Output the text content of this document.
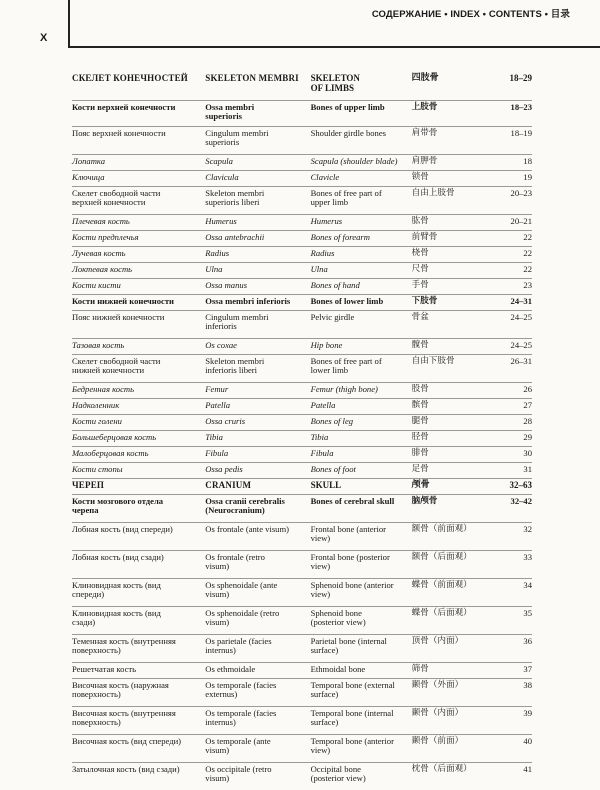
СОДЕРЖАНИЕ • INDEX • CONTENTS • 目录
X
СКЕЛЕТ КОНЕЧНОСТЕЙ	SKELETON MEMBRI	SKELETON
OF LIMBS	四肢骨	18–29
Кости верхней конечности	Ossa membri
superioris	Bones of upper limb	上肢骨	18–23
Пояс верхней конечности	Cingulum membri
superioris	Shoulder girdle bones	肩带骨	18–19
Лопатка	Scapula	Scapula (shoulder blade)	肩胛骨	18
Ключица	Clavicula	Clavicle	锁骨	19
Скелет свободной части
верхней конечности	Skeleton membri
superioris liberi	Bones of free part of
upper limb	自由上肢骨	20–23
Плечевая кость	Humerus	Humerus	肱骨	20–21
Кости предплечья	Ossa antebrachii	Bones of forearm	前臂骨	22
Лучевая кость	Radius	Radius	桡骨	22
Локтевая кость	Ulna	Ulna	尺骨	22
Кости кисти	Ossa manus	Bones of hand	手骨	23
Кости нижней конечности	Ossa membri inferioris	Bones of lower limb	下肢骨	24–31
Пояс нижней конечности	Cingulum membri
inferioris	Pelvic girdle	骨盆	24–25
Тазовая кость	Os coxae	Hip bone	髋骨	24–25
Скелет свободной части
нижней конечности	Skeleton membri
inferioris liberi	Bones of free part of
lower limb	自由下肢骨	26–31
Бедренная кость	Femur	Femur (thigh bone)	股骨	26
Надколенник	Patella	Patella	髌骨	27
Кости голени	Ossa cruris	Bones of leg	腿骨	28
Большеберцовая кость	Tibia	Tibia	胫骨	29
Малоберцовая кость	Fibula	Fibula	腓骨	30
Кости стопы	Ossa pedis	Bones of foot	足骨	31
ЧЕРЕП	CRANIUM	SKULL	颅骨	32–63
Кости мозгового отдела
черепа	Ossa cranii cerebralis
(Neurocranium)	Bones of cerebral skull	脑颅骨	32–42
Лобная кость (вид спереди)	Os frontale (ante visum)	Frontal bone (anterior
view)	额骨（前面观）	32
Лобная кость (вид сзади)	Os frontale (retro
visum)	Frontal bone (posterior
view)	额骨（后面观）	33
Клиновидная кость (вид
спереди)	Os sphenoidale (ante
visum)	Sphenoid bone (anterior
view)	蝶骨（前面观）	34
Клиновидная кость (вид
сзади)	Os sphenoidale (retro
visum)	Sphenoid bone
(posterior view)	蝶骨（后面观）	35
Теменная кость (внутренняя
поверхность)	Os parietale (facies
internus)	Parietal bone (internal
surface)	顶骨（内面）	36
Решетчатая кость	Os ethmoidale	Ethmoidal bone	筛骨	37
Височная кость (наружная
поверхность)	Os temporale (facies
externus)	Temporal bone (external
surface)	颞骨（外面）	38
Височная кость (внутренняя
поверхность)	Os temporale (facies
internus)	Temporal bone (internal
surface)	颞骨（内面）	39
Височная кость (вид спереди)	Os temporale (ante
visum)	Temporal bone (anterior
view)	颞骨（前面）	40
Затылочная кость (вид сзади)	Os occipitale (retro
visum)	Occipital bone
(posterior view)	枕骨（后面观）	41
